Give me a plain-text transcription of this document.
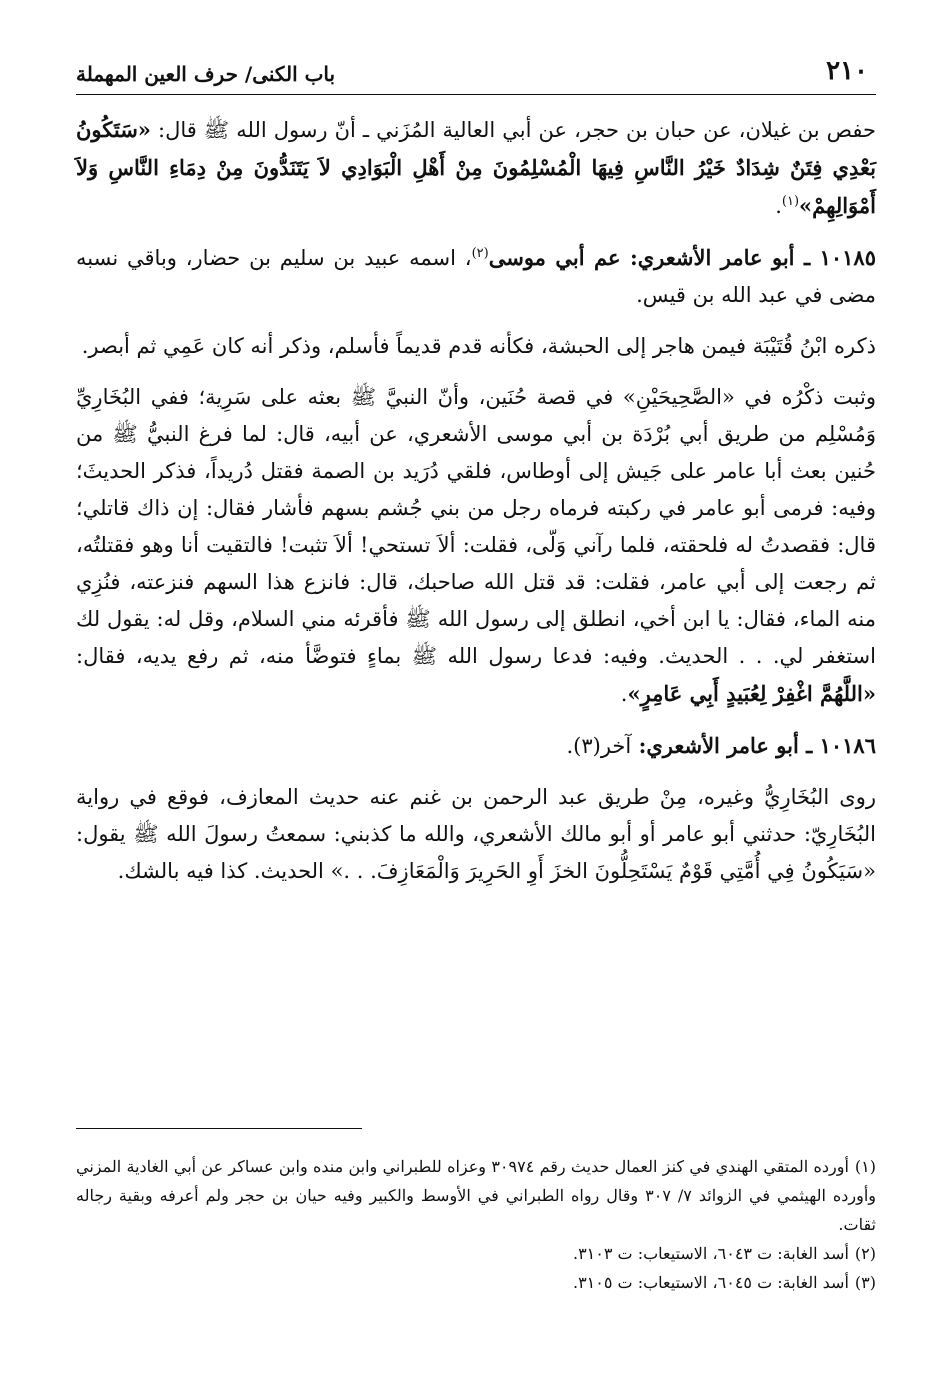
٢١٠
باب الكنى/ حرف العين المهملة

حفص بن غيلان، عن حبان بن حجر، عن أبي العالية المُزَني ـ أنّ رسول الله ﷺ قال: «سَتَكُونُ بَعْدِي فِتَنٌ شِدَادٌ خَيْرُ النَّاسِ فِيهَا الْمُسْلِمُونَ مِنْ أَهْلِ الْبَوَادِي لاَ يَتَنَدُّونَ مِنْ دِمَاءِ النَّاسِ وَلاَ أَمْوَالِهِمْ»$^{(١)}$.

١٠١٨٥ ـ أبو عامر الأشعري: عم أبي موسى$^{(٢)}$، اسمه عبيد بن سليم بن حضار، وباقي نسبه مضى في عبد الله بن قيس.

ذكره ابْنُ قُتَيْبَة فيمن هاجر إلى الحبشة، فكأنه قدم قديماً فأسلم، وذكر أنه كان عَمِي ثم أبصر.

وثبت ذكْرُه في «الصَّحِيحَيْنِ» في قصة حُنَين، وأنّ النبيَّ ﷺ بعثه على سَرِية؛ ففي البُخَارِيِّ وَمُسْلِم من طريق أبي بُرْدَة بن أبي موسى الأشعري، عن أبيه، قال: لما فرغ النبيُّ ﷺ من حُنين بعث أبا عامر على جَيش إلى أوطاس، فلقي دُرَيد بن الصمة فقتل دُريداً، فذكر الحديثَ؛ وفيه: فرمى أبو عامر في ركبته فرماه رجل من بني جُشم بسهم فأشار فقال: إن ذاك قاتلي؛ قال: فقصدتُ له فلحقته، فلما رآني وَلّى، فقلت: ألاَ تستحي! ألاَ تثبت! فالتقيت أنا وهو فقتلتُه، ثم رجعت إلى أبي عامر، فقلت: قد قتل الله صاحبك، قال: فانزع هذا السهم فنزعته، فنُزِي منه الماء، فقال: يا ابن أخي، انطلق إلى رسول الله ﷺ فأقرئه مني السلام، وقل له: يقول لك استغفر لي. . . الحديث. وفيه: فدعا رسول الله ﷺ بماءٍ فتوضَّأ منه، ثم رفع يديه، فقال: «اللَّهُمَّ اغْفِرْ لِعُبَيدٍ أَبِي عَامِرٍ».

١٠١٨٦ ـ أبو عامر الأشعري: آخر(٣).

روى البُخَارِيُّ وغيره، مِنْ طريق عبد الرحمن بن غنم عنه حديث المعازف، فوقع في رواية البُخَارِيّ: حدثني أبو عامر أو أبو مالك الأشعري، والله ما كذبني: سمعتُ رسولَ الله ﷺ يقول: «سَيَكُونُ فِي أُمَّتِي قَوْمٌ يَسْتَحِلُّونَ الخزَ أَوِ الحَرِيرَ وَالْمَعَازِفَ. . .» الحديث. كذا فيه بالشك.

(١)أورده المتقي الهندي في كنز العمال حديث رقم ٣٠٩٧٤ وعزاه للطبراني وابن منده وابن عساكر عن أبي الغادية المزني وأورده الهيثمي في الزوائد ٧/ ٣٠٧ وقال رواه الطبراني في الأوسط والكبير وفيه حيان بن حجر ولم أعرفه وبقية رجاله ثقات.

(٢)أسد الغابة: ت ٦٠٤٣، الاستيعاب: ت ٣١٠٣.

(٣)أسد الغابة: ت ٦٠٤٥، الاستيعاب: ت ٣١٠٥.
